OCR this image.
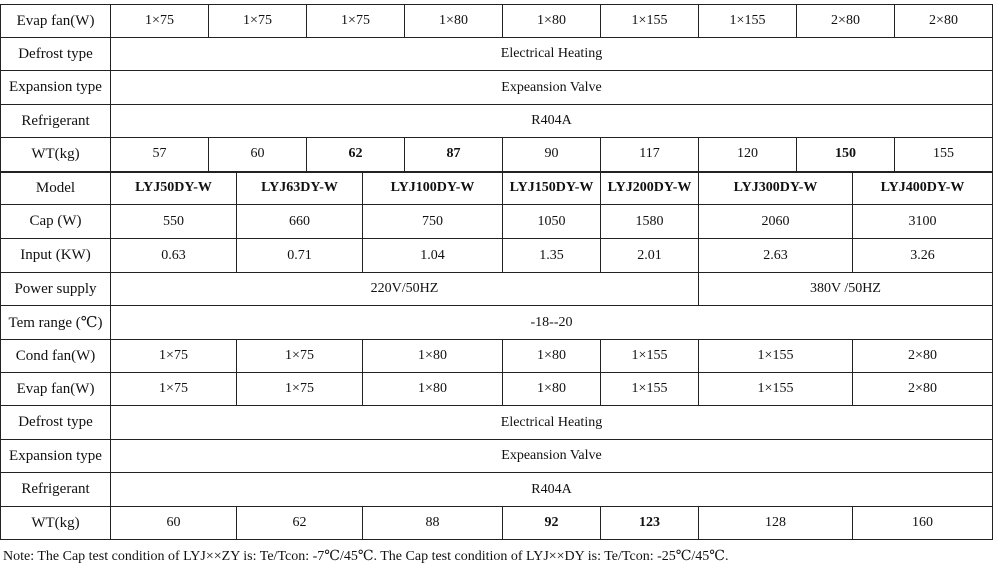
Evap fan(W)	1×75	1×75		1×75		1×80	1×80	1×155	1×155	2×80		2×80
Defrost type	Electrical Heating											
Expansion type	Expeansion Valve											
Refrigerant	R404A											
WT(kg)	57	60		62		87	90	117	120	150		155
Model	LYJ50DY-W		LYJ63DY-W		LYJ100DY-W		LYJ150DY-W	LYJ200DY-W	LYJ300DY-W		LYJ400DY-W	
Cap (W)	550		660		750		1050	1580	2060		3100	
Input (KW)	0.63		0.71		1.04		1.35	2.01	2.63		3.26	
Power supply	220V/50HZ								380V /50HZ			
Tem range (℃)	-18--20											
Cond fan(W)	1×75		1×75		1×80		1×80	1×155	1×155		2×80	
Evap fan(W)	1×75		1×75		1×80		1×80	1×155	1×155		2×80	
Defrost type	Electrical Heating											
Expansion type	Expeansion Valve											
Refrigerant	R404A											
WT(kg)	60		62		88		92	123	128		160	
Note: The Cap test condition of LYJ××ZY is: Te/Tcon: -7℃/45℃. The Cap test condition of LYJ××DY is: Te/Tcon: -25℃/45℃.
